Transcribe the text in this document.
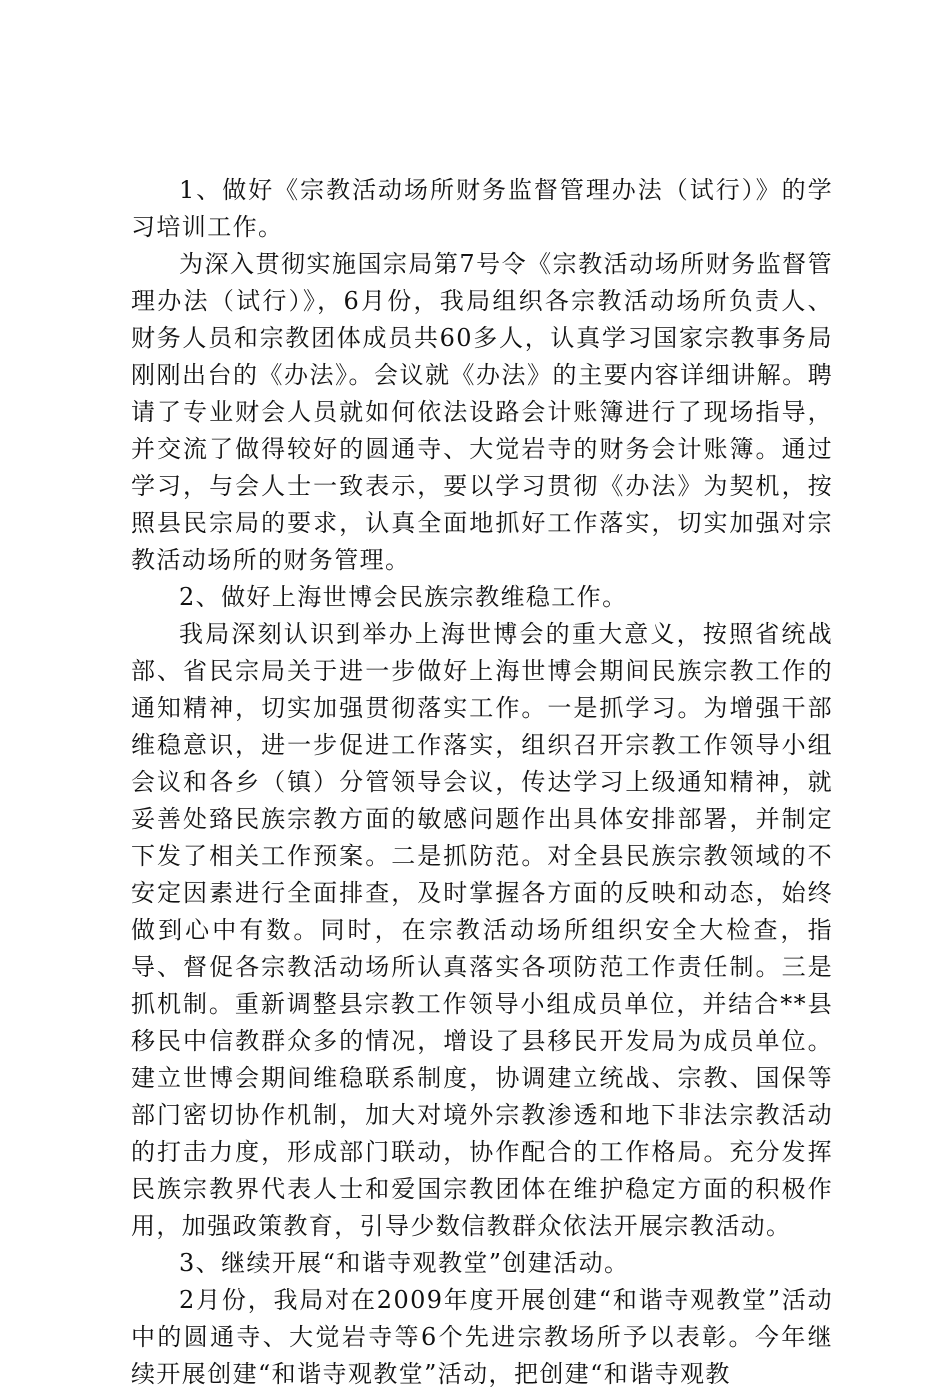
1、做好《宗教活动场所财务监督管理办法（试行）》的学习培训工作。

为深入贯彻实施国宗局第7号令《宗教活动场所财务监督管理办法（试行）》，6月份，我局组织各宗教活动场所负责人、财务人员和宗教团体成员共60多人，认真学习国家宗教事务局刚刚出台的《办法》。会议就《办法》的主要内容详细讲解。聘请了专业财会人员就如何依法设路会计账簿进行了现场指导，并交流了做得较好的圆通寺、大觉岩寺的财务会计账簿。通过学习，与会人士一致表示，要以学习贯彻《办法》为契机，按照县民宗局的要求，认真全面地抓好工作落实，切实加强对宗教活动场所的财务管理。

2、做好上海世博会民族宗教维稳工作。

我局深刻认识到举办上海世博会的重大意义，按照省统战 部、省民宗局关于进一步做好上海世博会期间民族宗教工作的通知精神，切实加强贯彻落实工作。一是抓学习。为增强干部维稳意识，进一步促进工作落实，组织召开宗教工作领导小组会议和各乡（镇）分管领导会议，传达学习上级通知精神，就妥善处臵民族宗教方面的敏感问题作出具体安排部署，并制定下发了相关工作预案。二是抓防范。对全县民族宗教领域的不安定因素进行全面排查，及时掌握各方面的反映和动态，始终做到心中有数。同时，在宗教活动场所组织安全大检查，指导、督促各宗教活动场所认真落实各项防范工作责任制。三是抓机制。重新调整县宗教工作领导小组成员单位，并结合**县移民中信教群众多的情况，增设了县移民开发局为成员单位。建立世博会期间维稳联系制度，协调建立统战、宗教、国保等部门密切协作机制，加大对境外宗教渗透和地下非法宗教活动的打击力度，形成部门联动，协作配合的工作格局。充分发挥民族宗教界代表人士和爱国宗教团体在维护稳定方面的积极作用，加强政策教育，引导少数信教群众依法开展宗教活动。

3、继续开展“和谐寺观教堂”创建活动。

2月份，我局对在2009年度开展创建“和谐寺观教堂”活动中的圆通寺、大觉岩寺等6个先进宗教场所予以表彰。今年继续开展创建“和谐寺观教堂”活动，把创建“和谐寺观教
